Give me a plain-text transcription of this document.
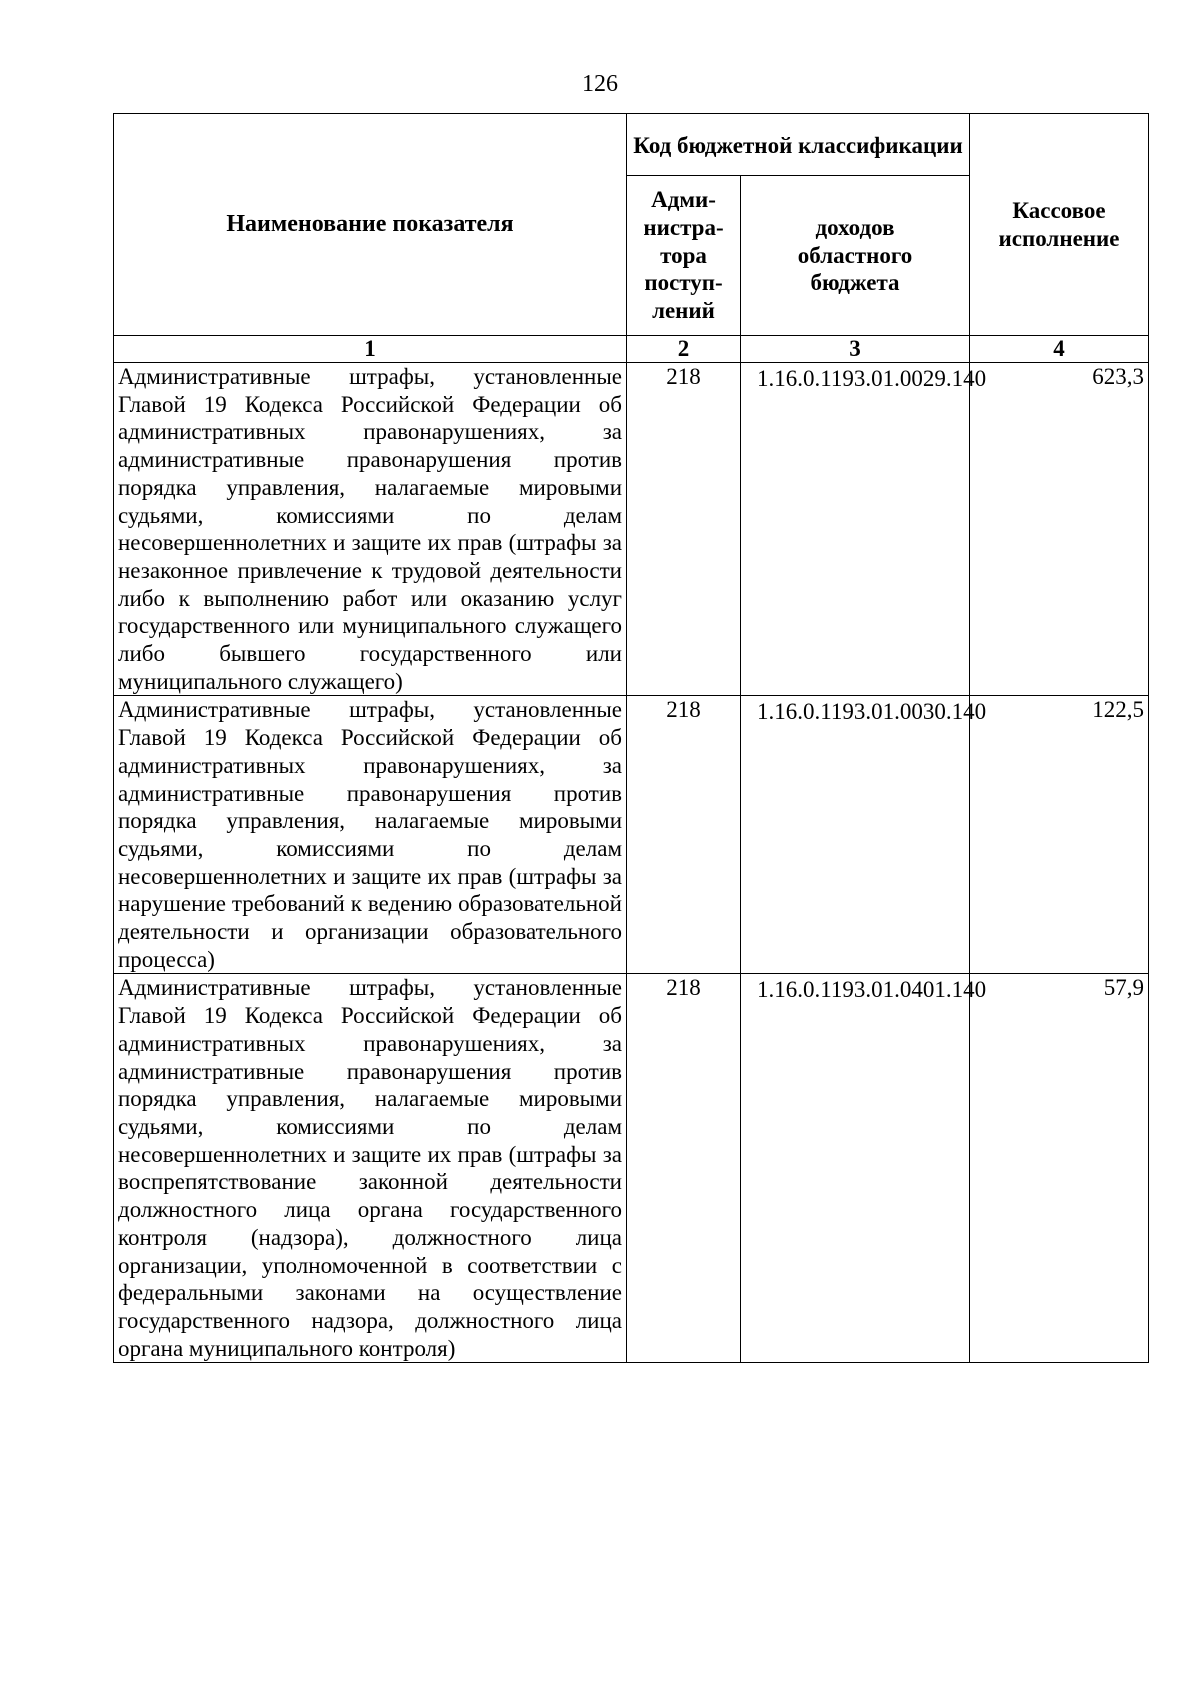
126
Наименование показателя	Код бюджетной классификации		Кассовое исполнение
	Адми-нистра-тора поступ-лений	доходов областного бюджета	
1	2	3	4
Административные штрафы, установленные Главой 19 Кодекса Российской Федерации об административных правонарушениях, за административные правонарушения против порядка управления, налагаемые мировыми судьями, комиссиями по делам несовершеннолетних и защите их прав (штрафы за незаконное привлечение к трудовой деятельности либо к выполнению работ или оказанию услуг государственного или муниципального служащего либо бывшего государственного или муниципального служащего)	218	1.16.0.1193.01.0029.140	623,3
Административные штрафы, установленные Главой 19 Кодекса Российской Федерации об административных правонарушениях, за административные правонарушения против порядка управления, налагаемые мировыми судьями, комиссиями по делам несовершеннолетних и защите их прав (штрафы за нарушение требований к ведению образовательной деятельности и организации образовательного процесса)	218	1.16.0.1193.01.0030.140	122,5
Административные штрафы, установленные Главой 19 Кодекса Российской Федерации об административных правонарушениях, за административные правонарушения против порядка управления, налагаемые мировыми судьями, комиссиями по делам несовершеннолетних и защите их прав (штрафы за воспрепятствование законной деятельности должностного лица органа государственного контроля (надзора), должностного лица организации, уполномоченной в соответствии с федеральными законами на осуществление государственного надзора, должностного лица органа муниципального контроля)	218	1.16.0.1193.01.0401.140	57,9
